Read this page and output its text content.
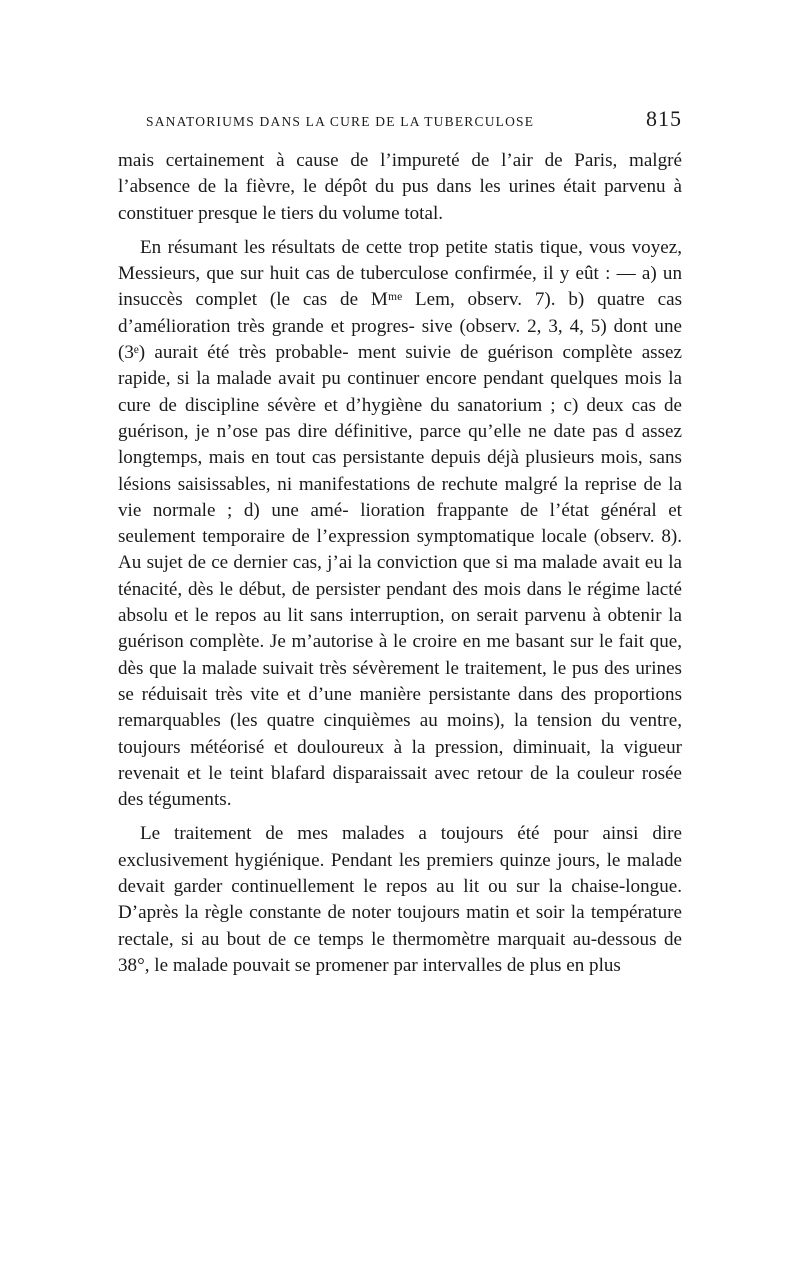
SANATORIUMS DANS LA CURE DE LA TUBERCULOSE	815

mais certainement à cause de l’impureté de l’air de Paris, malgré l’absence de la fièvre, le dépôt du pus dans les urines était parvenu à constituer presque le tiers du volume total.

En résumant les résultats de cette trop petite statis tique, vous voyez, Messieurs, que sur huit cas de tuberculose confirmée, il y eût : — a) un insuccès complet (le cas de Mᵐᵉ Lem, observ. 7). b) quatre cas d’amélioration très grande et progres- sive (observ. 2, 3, 4, 5) dont une (3ᵉ) aurait été très probable- ment suivie de guérison complète assez rapide, si la malade avait pu continuer encore pendant quelques mois la cure de discipline sévère et d’hygiène du sanatorium ; c) deux cas de guérison, je n’ose pas dire définitive, parce qu’elle ne date pas d assez longtemps, mais en tout cas persistante depuis déjà plusieurs mois, sans lésions saisissables, ni manifestations de rechute malgré la reprise de la vie normale ; d) une amé- lioration frappante de l’état général et seulement temporaire de l’expression symptomatique locale (observ. 8). Au sujet de ce dernier cas, j’ai la conviction que si ma malade avait eu la ténacité, dès le début, de persister pendant des mois dans le régime lacté absolu et le repos au lit sans interruption, on serait parvenu à obtenir la guérison complète. Je m’autorise à le croire en me basant sur le fait que, dès que la malade suivait très sévèrement le traitement, le pus des urines se réduisait très vite et d’une manière persistante dans des proportions remarquables (les quatre cinquièmes au moins), la tension du ventre, toujours météorisé et douloureux à la pression, diminuait, la vigueur revenait et le teint blafard disparaissait avec retour de la couleur rosée des téguments.

Le traitement de mes malades a toujours été pour ainsi dire exclusivement hygiénique. Pendant les premiers quinze jours, le malade devait garder continuellement le repos au lit ou sur la chaise-longue. D’après la règle constante de noter toujours matin et soir la température rectale, si au bout de ce temps le thermomètre marquait au-dessous de 38°, le malade pouvait se promener par intervalles de plus en plus
